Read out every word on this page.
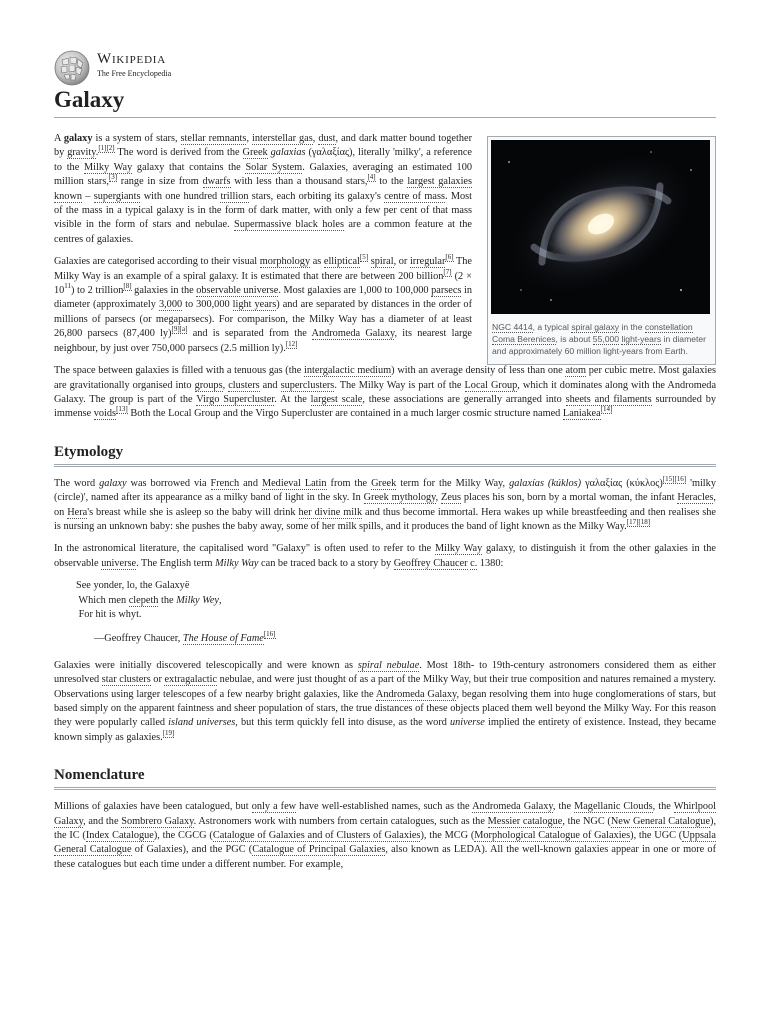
Wikipedia
The Free Encyclopedia
Galaxy
NGC 4414, a typical spiral galaxy in the constellation Coma Berenices, is about 55,000 light-years in diameter and approximately 60 million light-years from Earth.

A galaxy is a system of stars, stellar remnants, interstellar gas, dust, and dark matter bound together by gravity.[1][2] The word is derived from the Greek galaxias (γαλαξίας), literally 'milky', a reference to the Milky Way galaxy that contains the Solar System. Galaxies, averaging an estimated 100 million stars,[3] range in size from dwarfs with less than a thousand stars,[4] to the largest galaxies known – supergiants with one hundred trillion stars, each orbiting its galaxy's centre of mass. Most of the mass in a typical galaxy is in the form of dark matter, with only a few per cent of that mass visible in the form of stars and nebulae. Supermassive black holes are a common feature at the centres of galaxies.

Galaxies are categorised according to their visual morphology as elliptical[5] spiral, or irregular[6] The Milky Way is an example of a spiral galaxy. It is estimated that there are between 200 billion[7] $(2 \times 10^{11})$ to 2 trillion[8] galaxies in the observable universe. Most galaxies are 1,000 to 100,000 parsecs in diameter (approximately 3,000 to 300,000 light years) and are separated by distances in the order of millions of parsecs (or megaparsecs). For comparison, the Milky Way has a diameter of at least 26,800 parsecs (87,400 ly)[9][a] and is separated from the Andromeda Galaxy, its nearest large neighbour, by just over 750,000 parsecs (2.5 million ly).[12]

The space between galaxies is filled with a tenuous gas (the intergalactic medium) with an average density of less than one atom per cubic metre. Most galaxies are gravitationally organised into groups, clusters and superclusters. The Milky Way is part of the Local Group, which it dominates along with the Andromeda Galaxy. The group is part of the Virgo Supercluster. At the largest scale, these associations are generally arranged into sheets and filaments surrounded by immense voids[13] Both the Local Group and the Virgo Supercluster are contained in a much larger cosmic structure named Laniakea[14]

Etymology

The word galaxy was borrowed via French and Medieval Latin from the Greek term for the Milky Way, galaxías (kúklos) γαλαξίας (κύκλος)[15][16] 'milky (circle)', named after its appearance as a milky band of light in the sky. In Greek mythology, Zeus places his son, born by a mortal woman, the infant Heracles, on Hera's breast while she is asleep so the baby will drink her divine milk and thus become immortal. Hera wakes up while breastfeeding and then realises she is nursing an unknown baby: she pushes the baby away, some of her milk spills, and it produces the band of light known as the Milky Way.[17][18]

In the astronomical literature, the capitalised word "Galaxy" is often used to refer to the Milky Way galaxy, to distinguish it from the other galaxies in the observable universe. The English term Milky Way can be traced back to a story by Geoffrey Chaucer c. 1380:

See yonder, lo, the Galaxyë
Which men clepeth the Milky Wey,
For hit is whyt.
—Geoffrey Chaucer, The House of Fame[16]

Galaxies were initially discovered telescopically and were known as spiral nebulae. Most 18th- to 19th-century astronomers considered them as either unresolved star clusters or extragalactic nebulae, and were just thought of as a part of the Milky Way, but their true composition and natures remained a mystery. Observations using larger telescopes of a few nearby bright galaxies, like the Andromeda Galaxy, began resolving them into huge conglomerations of stars, but based simply on the apparent faintness and sheer population of stars, the true distances of these objects placed them well beyond the Milky Way. For this reason they were popularly called island universes, but this term quickly fell into disuse, as the word universe implied the entirety of existence. Instead, they became known simply as galaxies.[19]

Nomenclature

Millions of galaxies have been catalogued, but only a few have well-established names, such as the Andromeda Galaxy, the Magellanic Clouds, the Whirlpool Galaxy, and the Sombrero Galaxy. Astronomers work with numbers from certain catalogues, such as the Messier catalogue, the NGC (New General Catalogue), the IC (Index Catalogue), the CGCG (Catalogue of Galaxies and of Clusters of Galaxies), the MCG (Morphological Catalogue of Galaxies), the UGC (Uppsala General Catalogue of Galaxies), and the PGC (Catalogue of Principal Galaxies, also known as LEDA). All the well-known galaxies appear in one or more of these catalogues but each time under a different number. For example,
